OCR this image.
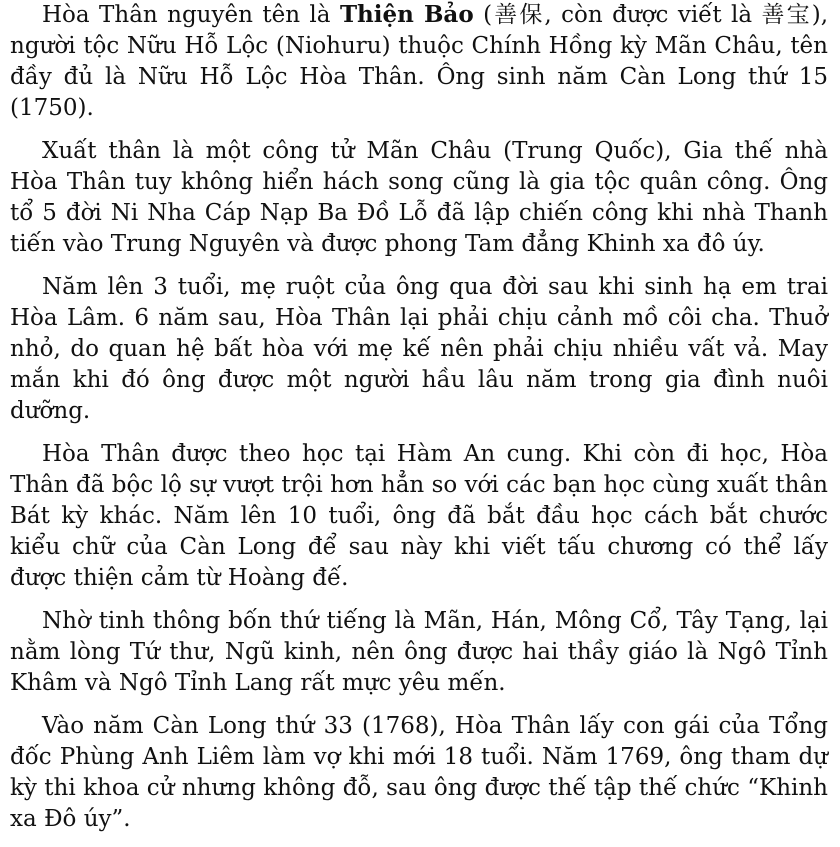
Hòa Thân nguyên tên là Thiện Bảo (善保, còn được viết là 善宝), người tộc Nữu Hỗ Lộc (Niohuru) thuộc Chính Hồng kỳ Mãn Châu, tên đầy đủ là Nữu Hỗ Lộc Hòa Thân. Ông sinh năm Càn Long thứ 15 (1750).

Xuất thân là một công tử Mãn Châu (Trung Quốc), Gia thế nhà Hòa Thân tuy không hiển hách song cũng là gia tộc quân công. Ông tổ 5 đời Ni Nha Cáp Nạp Ba Đồ Lỗ đã lập chiến công khi nhà Thanh tiến vào Trung Nguyên và được phong Tam đẳng Khinh xa đô úy.

Năm lên 3 tuổi, mẹ ruột của ông qua đời sau khi sinh hạ em trai Hòa Lâm. 6 năm sau, Hòa Thân lại phải chịu cảnh mồ côi cha. Thuở nhỏ, do quan hệ bất hòa với mẹ kế nên phải chịu nhiều vất vả. May mắn khi đó ông được một người hầu lâu năm trong gia đình nuôi dưỡng.

Hòa Thân được theo học tại Hàm An cung. Khi còn đi học, Hòa Thân đã bộc lộ sự vượt trội hơn hẳn so với các bạn học cùng xuất thân Bát kỳ khác. Năm lên 10 tuổi, ông đã bắt đầu học cách bắt chước kiểu chữ của Càn Long để sau này khi viết tấu chương có thể lấy được thiện cảm từ Hoàng đế.

Nhờ tinh thông bốn thứ tiếng là Mãn, Hán, Mông Cổ, Tây Tạng, lại nằm lòng Tứ thư, Ngũ kinh, nên ông được hai thầy giáo là Ngô Tỉnh Khâm và Ngô Tỉnh Lang rất mực yêu mến.

Vào năm Càn Long thứ 33 (1768), Hòa Thân lấy con gái của Tổng đốc Phùng Anh Liêm làm vợ khi mới 18 tuổi. Năm 1769, ông tham dự kỳ thi khoa cử nhưng không đỗ, sau ông được thế tập thế chức “Khinh xa Đô úy”.
